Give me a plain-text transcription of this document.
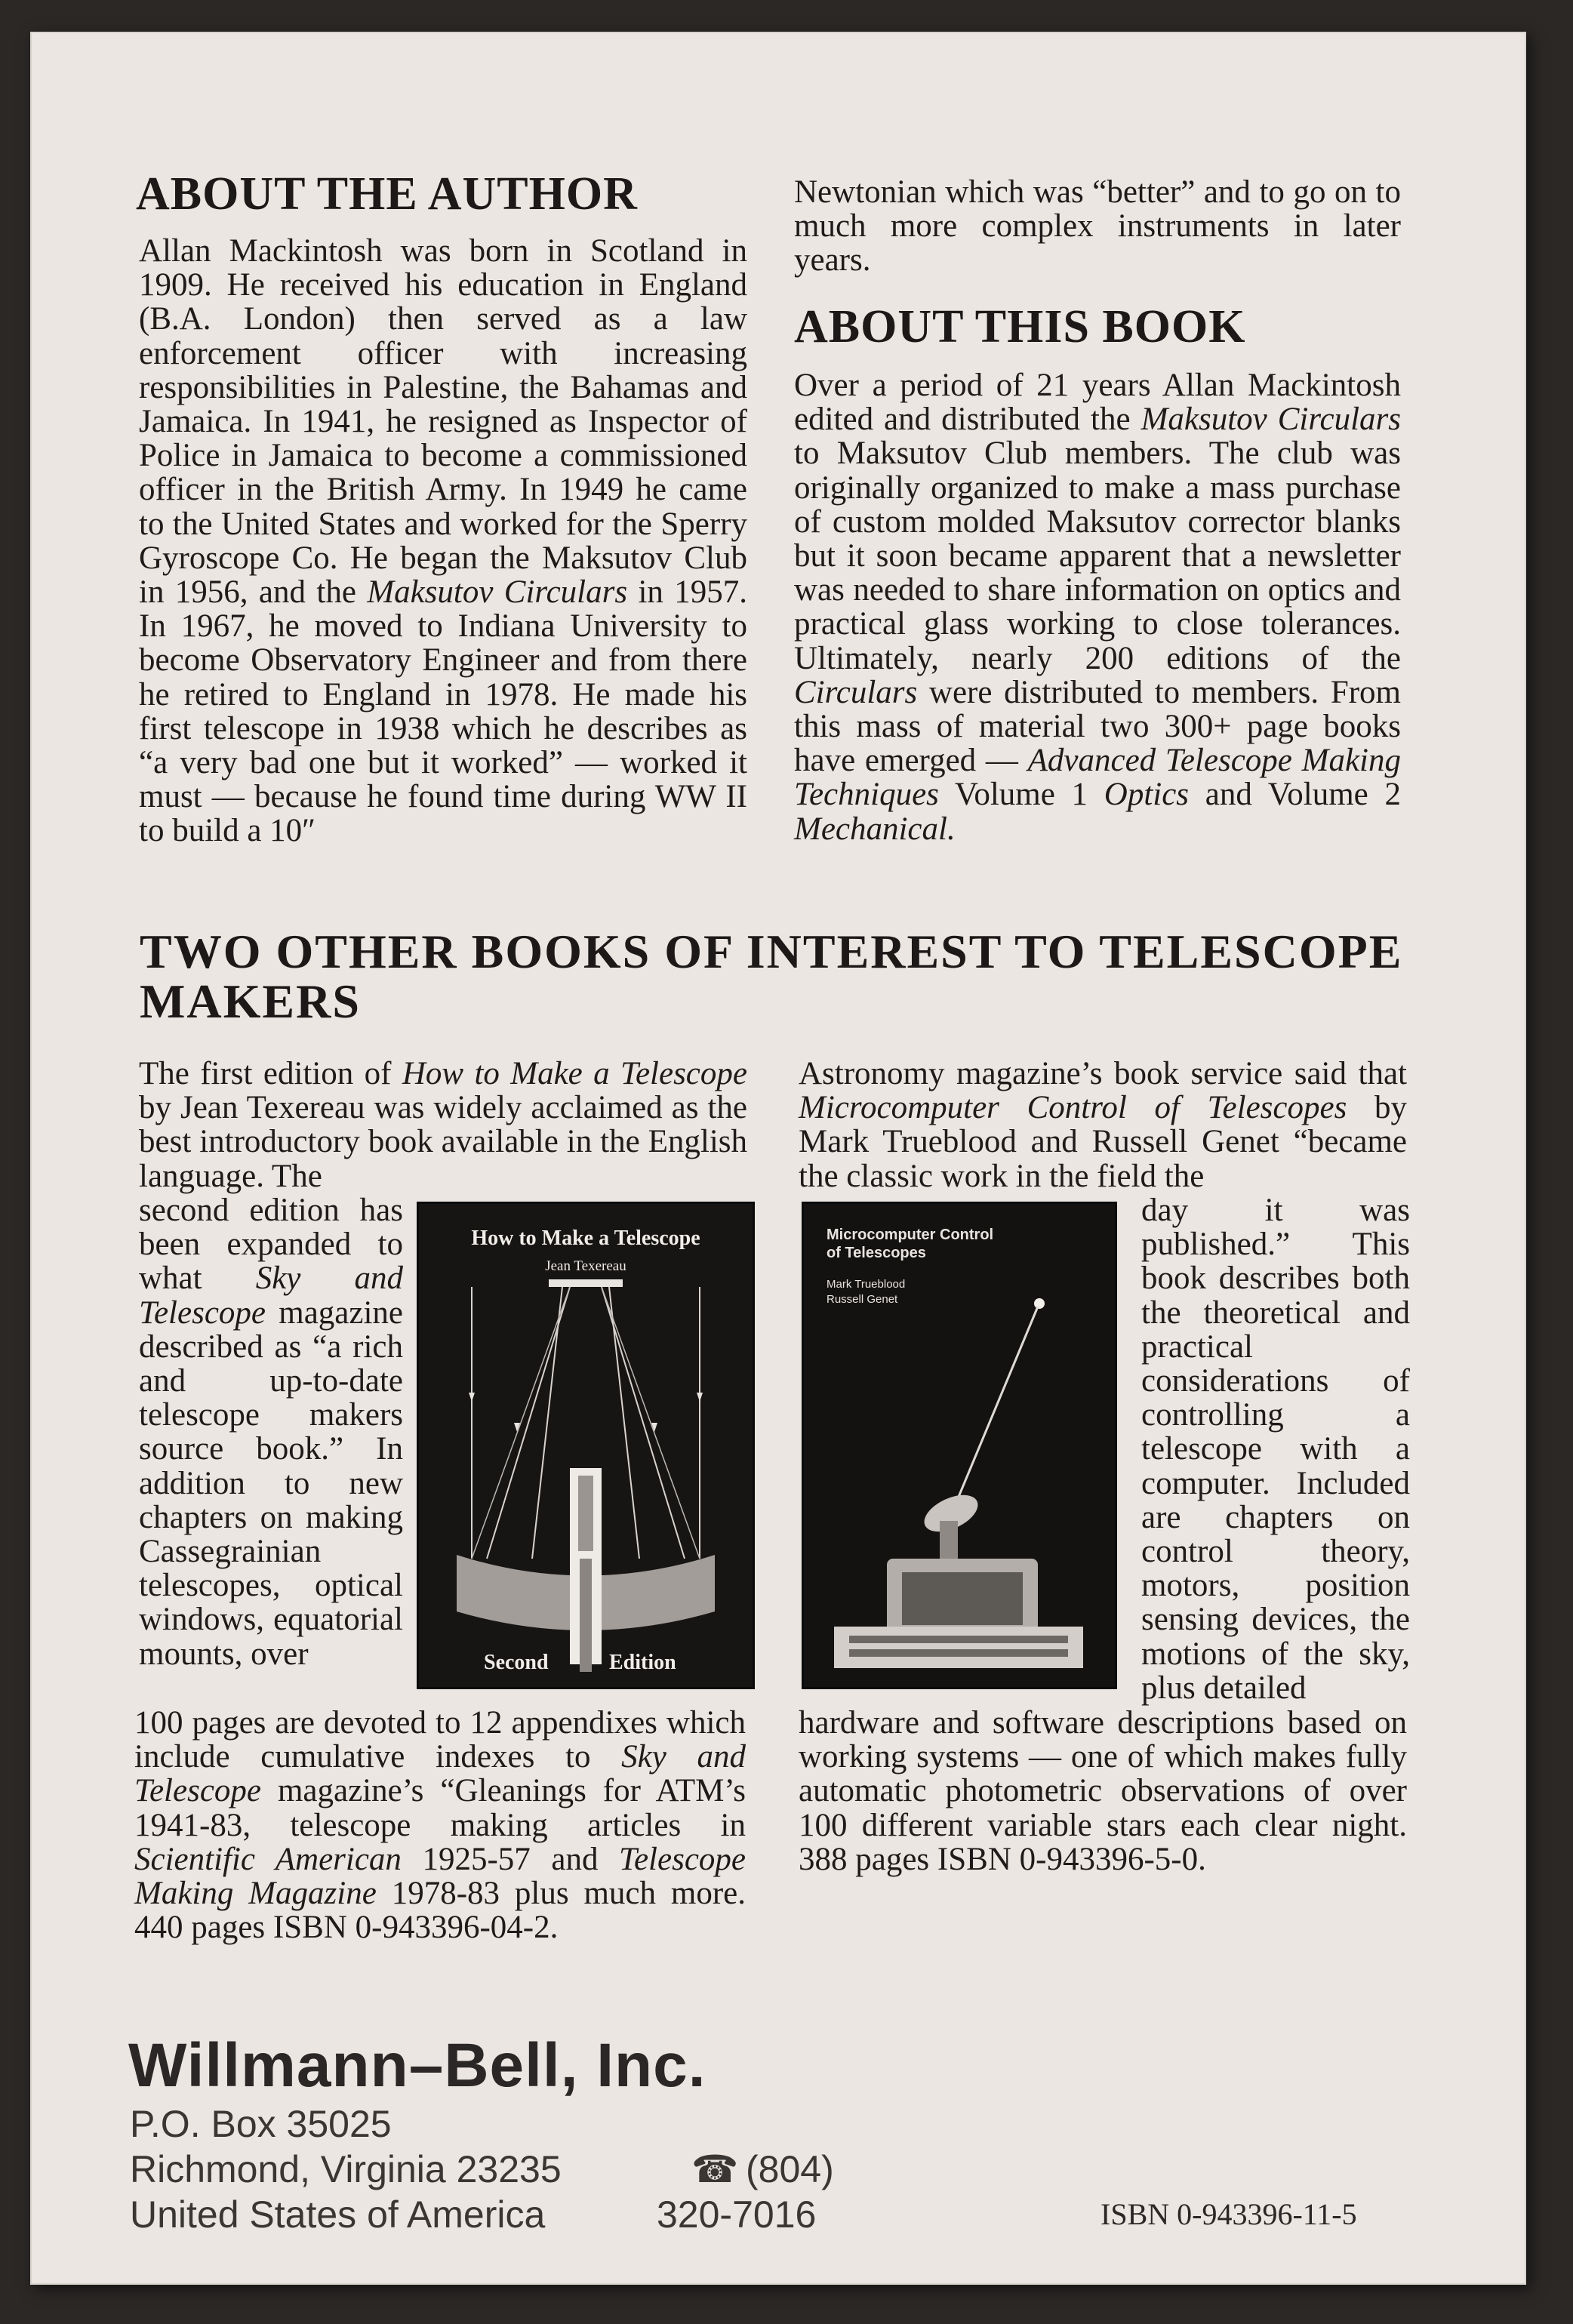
ABOUT THE AUTHOR

Allan Mackintosh was born in Scotland in 1909. He received his education in England (B.A. London) then served as a law enforcement officer with increasing responsibilities in Palestine, the Bahamas and Jamaica. In 1941, he resigned as Inspector of Police in Jamaica to become a commissioned officer in the British Army. In 1949 he came to the United States and worked for the Sperry Gyroscope Co. He began the Maksutov Club in 1956, and the Maksutov Circulars in 1957. In 1967, he moved to Indiana University to become Observatory Engineer and from there he retired to England in 1978. He made his first telescope in 1938 which he describes as “a very bad one but it worked” — worked it must — because he found time during WW II to build a 10″

Newtonian which was “better” and to go on to much more complex instruments in later years.

ABOUT THIS BOOK

Over a period of 21 years Allan Mackintosh edited and distributed the Maksutov Circulars to Maksutov Club members. The club was originally organized to make a mass purchase of custom molded Maksutov corrector blanks but it soon became apparent that a newsletter was needed to share information on optics and practical glass working to close tolerances. Ultimately, nearly 200 editions of the Circulars were distributed to members. From this mass of material two 300+ page books have emerged — Advanced Telescope Making Techniques Volume 1 Optics and Volume 2 Mechanical.

TWO OTHER BOOKS OF INTEREST TO TELESCOPE MAKERS

The first edition of How to Make a Telescope by Jean Texereau was widely acclaimed as the best introductory book available in the English language. The

second edition has been expanded to what Sky and Telescope magazine described as “a rich and up-to-date telescope makers source book.” In addition to new chapters on making Cassegrainian telescopes, optical windows, equatorial mounts, over

100 pages are devoted to 12 appendixes which include cumulative indexes to Sky and Telescope magazine’s “Gleanings for ATM’s 1941-83, telescope making articles in Scientific American 1925-57 and Telescope Making Magazine 1978-83 plus much more. 440 pages ISBN 0-943396-04-2.

How to Make a Telescope

Jean Texereau

Second	Edition

Astronomy magazine’s book service said that Microcomputer Control of Telescopes by Mark Trueblood and Russell Genet “became the classic work in the field the

day it was published.” This book describes both the theoretical and practical considerations of controlling a telescope with a computer. Included are chapters on control theory, motors, position sensing devices, the motions of the sky, plus detailed

hardware and software descriptions based on working systems — one of which makes fully automatic photometric observations of over 100 different variable stars each clear night. 388 pages ISBN 0-943396-5-0.

Microcomputer Control

of Telescopes

Mark Trueblood

Russell Genet

Willmann–Bell, Inc.

P.O. Box 35025

Richmond, Virginia 23235

United States of America

☎ (804)

320-7016	ISBN 0-943396-11-5
